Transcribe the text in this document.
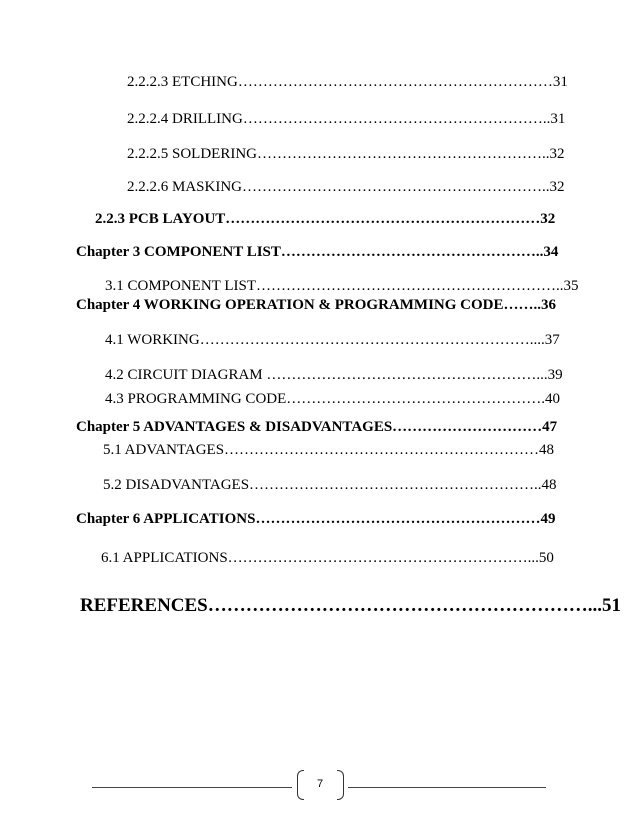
2.2.2.3 ETCHING………………………………………………………31
2.2.2.4 DRILLING……………………………………………………..31
2.2.2.5 SOLDERING…………………………………………………..32
2.2.2.6 MASKING……………………………………………………..32
2.2.3 PCB LAYOUT………………………………………………………32
Chapter 3 COMPONENT LIST……………………………………………..34
3.1 COMPONENT LIST……………………………………………………..35
Chapter 4 WORKING OPERATION & PROGRAMMING CODE……..36
4.1 WORKING…………………………………………………………....37
4.2 CIRCUIT DIAGRAM ………………………………………………...39
4.3 PROGRAMMING CODE…………………………………………….40
Chapter 5 ADVANTAGES & DISADVANTAGES…………………………47
5.1 ADVANTAGES………………………………………………………48
5.2 DISADVANTAGES…………………………………………………..48
Chapter 6 APPLICATIONS…………………………………………………49
6.1 APPLICATIONS……………………………………………………...50
REFERENCES……………………………………………………...51
7
